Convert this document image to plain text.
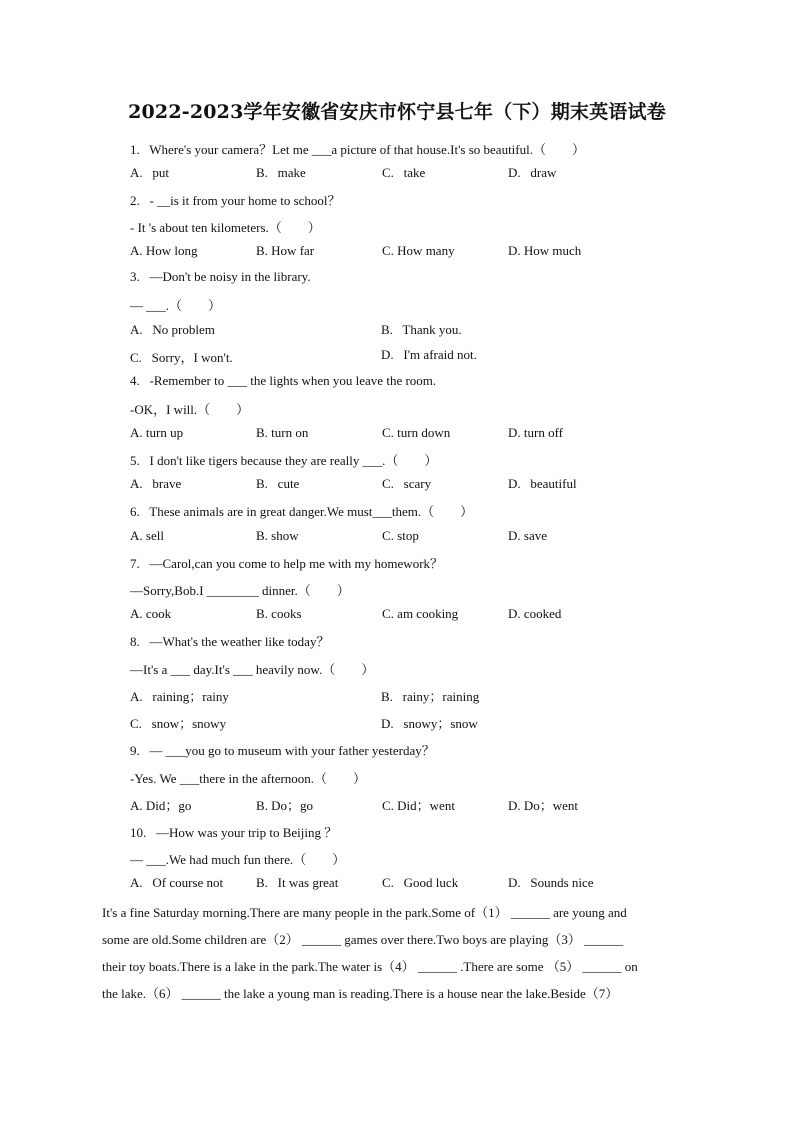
2022-2023学年安徽省安庆市怀宁县七年（下）期末英语试卷
1.   Where's your camera？Let me ___a picture of that house.It's so beautiful.（        ）
A.   put	B.   make	C.   take	D.   draw
2.   - __is it from your home to school？
- It 's about ten kilometers.（        ）
A. How long	B. How far	C. How many	D. How much
3.   —Don't be noisy in the library.
— ___.（        ）
A.   No problem	B.   Thank you.
C.   Sorry，I won't.	D.   I'm afraid not.
4.   -Remember to ___ the lights when you leave the room.
-OK，I will.（        ）
A. turn up	B. turn on	C. turn down	D. turn off
5.   I don't like tigers because they are really ___.（        ）
A.   brave	B.   cute	C.   scary	D.   beautiful
6.   These animals are in great danger.We must___them.（        ）
A. sell	B. show	C. stop	D. save
7.   —Carol,can you come to help me with my homework？
—Sorry,Bob.I ________ dinner.（        ）
A. cook	B. cooks	C. am cooking	D. cooked
8.   —What's the weather like today？
—It's a ___ day.It's ___ heavily now.（        ）
A.   raining；rainy	B.   rainy；raining
C.   snow；snowy	D.   snowy；snow
9.   — ___you go to museum with your father yesterday？
-Yes. We ___there in the afternoon.（        ）
A. Did；go	B. Do；go	C. Did；went	D. Do；went
10.   —How was your trip to Beijing ？
— ___.We had much fun there.（        ）
A.   Of course not	B.   It was great	C.   Good luck	D.   Sounds nice
It's a fine Saturday morning.There are many people in the park.Some of（1） ______ are young and
some are old.Some children are（2） ______ games over there.Two boys are playing（3） ______
their toy boats.There is a lake in the park.The water is（4） ______ .There are some （5） ______ on
the lake.（6） ______ the lake a young man is reading.There is a house near the lake.Beside（7）
